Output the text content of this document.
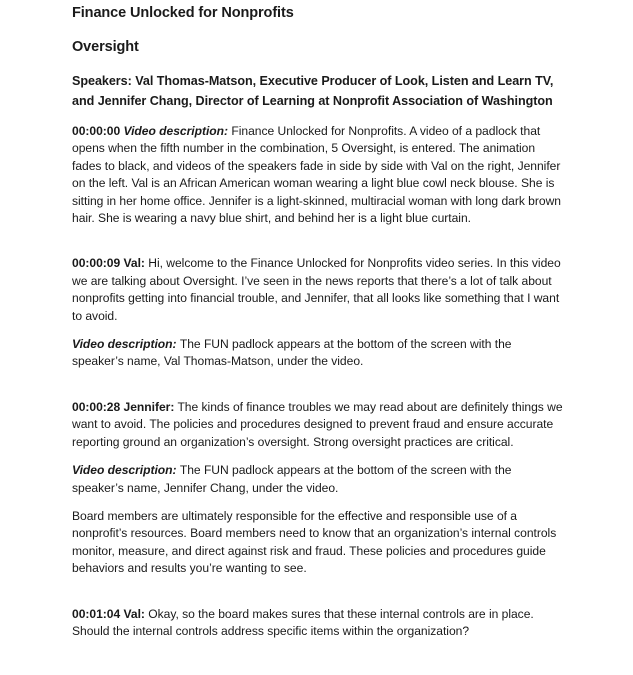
Finance Unlocked for Nonprofits
Oversight
Speakers: Val Thomas-Matson, Executive Producer of Look, Listen and Learn TV, and Jennifer Chang, Director of Learning at Nonprofit Association of Washington

00:00:00 Video description: Finance Unlocked for Nonprofits. A video of a padlock that opens when the fifth number in the combination, 5 Oversight, is entered. The animation fades to black, and videos of the speakers fade in side by side with Val on the right, Jennifer on the left. Val is an African American woman wearing a light blue cowl neck blouse. She is sitting in her home office. Jennifer is a light-skinned, multiracial woman with long dark brown hair. She is wearing a navy blue shirt, and behind her is a light blue curtain.

00:00:09 Val: Hi, welcome to the Finance Unlocked for Nonprofits video series. In this video we are talking about Oversight. I’ve seen in the news reports that there’s a lot of talk about nonprofits getting into financial trouble, and Jennifer, that all looks like something that I want to avoid.

Video description: The FUN padlock appears at the bottom of the screen with the speaker’s name, Val Thomas-Matson, under the video.

00:00:28 Jennifer: The kinds of finance troubles we may read about are definitely things we want to avoid. The policies and procedures designed to prevent fraud and ensure accurate reporting ground an organization’s oversight. Strong oversight practices are critical.

Video description: The FUN padlock appears at the bottom of the screen with the speaker’s name, Jennifer Chang, under the video.

Board members are ultimately responsible for the effective and responsible use of a nonprofit’s resources. Board members need to know that an organization’s internal controls monitor, measure, and direct against risk and fraud. These policies and procedures guide behaviors and results you’re wanting to see.

00:01:04 Val: Okay, so the board makes sures that these internal controls are in place. Should the internal controls address specific items within the organization?
